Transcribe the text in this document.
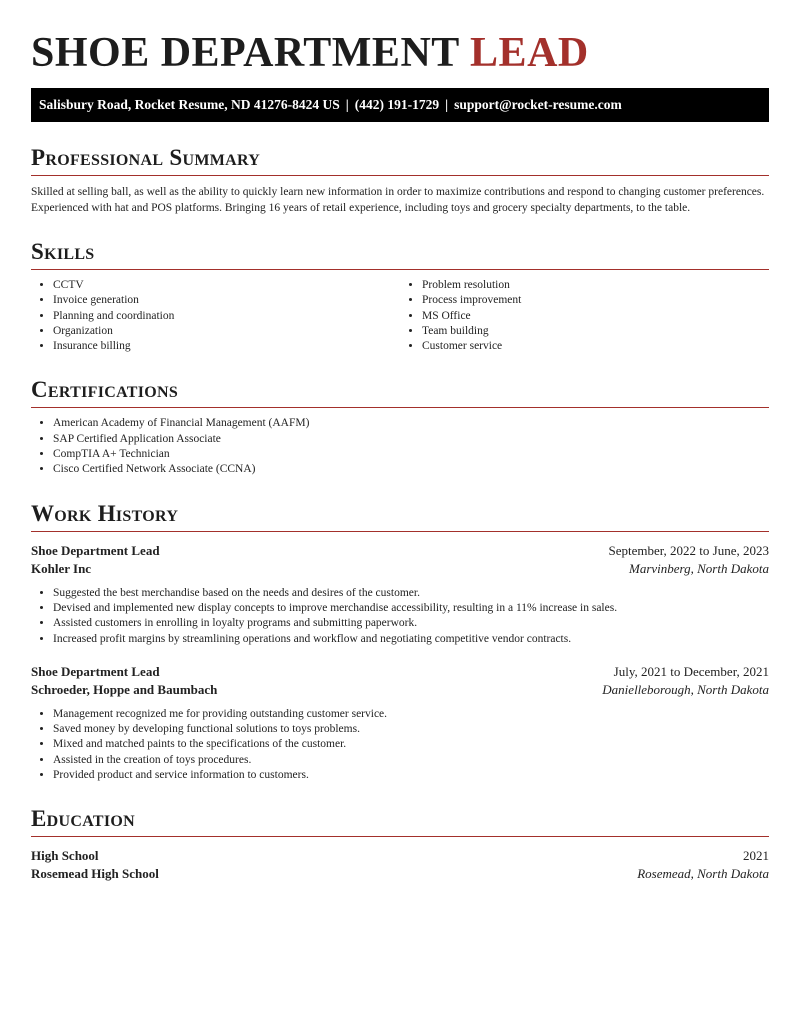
SHOE DEPARTMENT LEAD
Salisbury Road, Rocket Resume, ND 41276-8424 US | (442) 191-1729 | support@rocket-resume.com
Professional Summary
Skilled at selling ball, as well as the ability to quickly learn new information in order to maximize contributions and respond to changing customer preferences. Experienced with hat and POS platforms. Bringing 16 years of retail experience, including toys and grocery specialty departments, to the table.
Skills
• CCTV
• Invoice generation
• Planning and coordination
• Organization
• Insurance billing
• Problem resolution
• Process improvement
• MS Office
• Team building
• Customer service
Certifications
• American Academy of Financial Management (AAFM)
• SAP Certified Application Associate
• CompTIA A+ Technician
• Cisco Certified Network Associate (CCNA)
Work History
Shoe Department Lead	September, 2022 to June, 2023
Kohler Inc	Marvinberg, North Dakota
• Suggested the best merchandise based on the needs and desires of the customer.
• Devised and implemented new display concepts to improve merchandise accessibility, resulting in a 11% increase in sales.
• Assisted customers in enrolling in loyalty programs and submitting paperwork.
• Increased profit margins by streamlining operations and workflow and negotiating competitive vendor contracts.
Shoe Department Lead	July, 2021 to December, 2021
Schroeder, Hoppe and Baumbach	Danielleborough, North Dakota
• Management recognized me for providing outstanding customer service.
• Saved money by developing functional solutions to toys problems.
• Mixed and matched paints to the specifications of the customer.
• Assisted in the creation of toys procedures.
• Provided product and service information to customers.
Education
High School	2021
Rosemead High School	Rosemead, North Dakota
